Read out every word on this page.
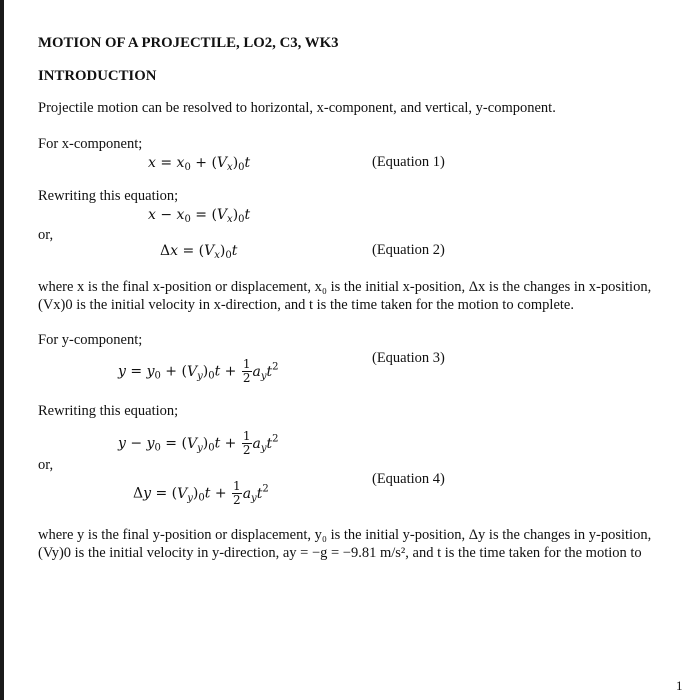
MOTION OF A PROJECTILE, LO2, C3, WK3
INTRODUCTION
Projectile motion can be resolved to horizontal, x-component, and vertical, y-component.
For x-component;
$x = x_0 + (V_x)_0t$	(Equation 1)
Rewriting this equation;
$x - x_0 = (V_x)_0t$
or,
$\Delta x = (V_x)_0t$	(Equation 2)
where x is the final x-position or displacement, x₀ is the initial x-position, Δx is the changes in x-position,
(Vx)0 is the initial velocity in x-direction, and t is the time taken for the motion to complete.
For y-component;
$y = y_0 + (V_y)_0t + \frac{1}{2} a_yt^2$
(Equation 3)
Rewriting this equation;
$y - y_0 = (V_y)_0t + \frac{1}{2} a_yt^2$
or,
$\Delta y = (V_y)_0t + \frac{1}{2} a_yt^2$
(Equation 4)
where y is the final y-position or displacement, y₀ is the initial y-position, Δy is the changes in y-position,
(Vy)0 is the initial velocity in y-direction, ay = −g = −9.81 m/s², and t is the time taken for the motion to
1
